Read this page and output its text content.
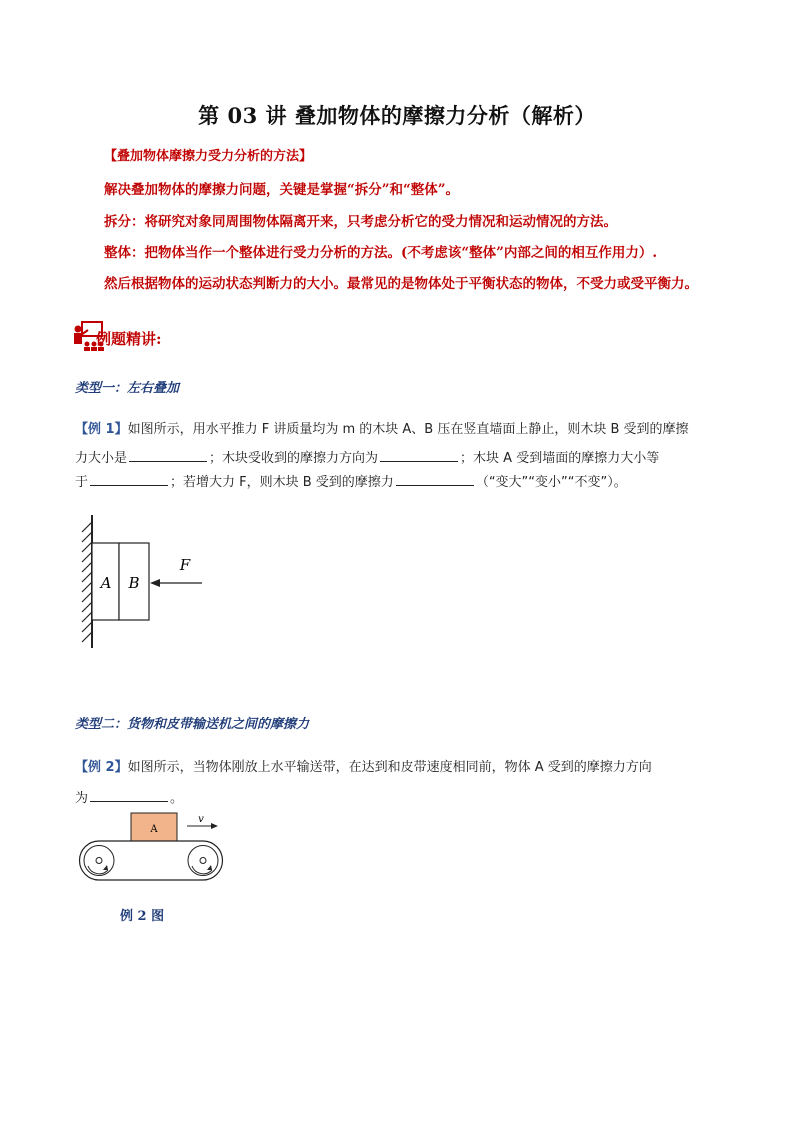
第 03 讲 叠加物体的摩擦力分析（解析）
【叠加物体摩擦力受力分析的方法】
解决叠加物体的摩擦力问题，关键是掌握“拆分”和“整体”。
拆分：将研究对象同周围物体隔离开来，只考虑分析它的受力情况和运动情况的方法。
整体：把物体当作一个整体进行受力分析的方法。(不考虑该“整体”内部之间的相互作用力）.
然后根据物体的运动状态判断力的大小。最常见的是物体处于平衡状态的物体，不受力或受平衡力。
例题精讲:
类型一：左右叠加
【例 1】如图所示，用水平推力 F 讲质量均为 m 的木块 A、B 压在竖直墙面上静止，则木块 B 受到的摩擦
力大小是	；木块受收到的摩擦力方向为	；木块 A 受到墙面的摩擦力大小等
于	；若增大力 F，则木块 B 受到的摩擦力	（“变大”“变小”“不变”）。
A B
F
类型二：货物和皮带输送机之间的摩擦力
【例 2】如图所示，当物体刚放上水平输送带，在达到和皮带速度相同前，物体 A 受到的摩擦力方向
为	。
A
v
例 2 图
